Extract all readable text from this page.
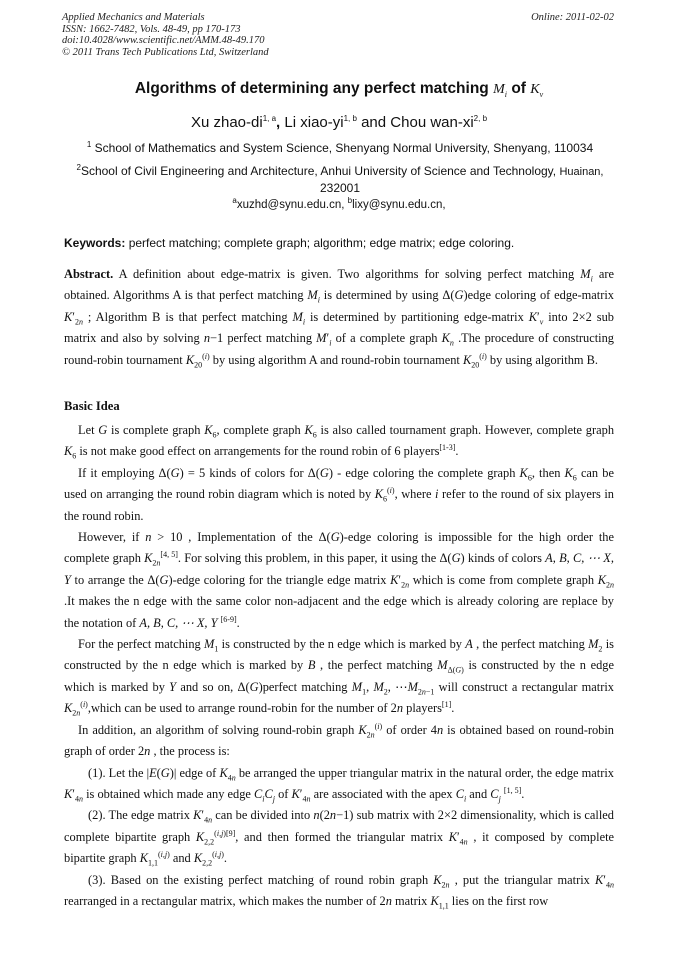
Applied Mechanics and Materials
ISSN: 1662-7482, Vols. 48-49, pp 170-173
doi:10.4028/www.scientific.net/AMM.48-49.170
© 2011 Trans Tech Publications Ltd, Switzerland
Online: 2011-02-02
Algorithms of determining any perfect matching $M_i$ of $K_v$
Xu zhao-di$^{1, a}$, Li xiao-yi$^{1, b}$ and Chou wan-xi$^{2, b}$
$^1$ School of Mathematics and System Science, Shenyang Normal University, Shenyang, 110034
$^2$School of Civil Engineering and Architecture, Anhui University of Science and Technology, Huainan,
232001
$^a$xuzhd@synu.edu.cn, $^b$lixy@synu.edu.cn,
Keywords: perfect matching; complete graph; algorithm; edge matrix; edge coloring.

Abstract. A definition about edge-matrix is given. Two algorithms for solving perfect matching $M_i$ are obtained. Algorithms A is that perfect matching $M_i$ is determined by using Δ(G)edge coloring of edge-matrix $K'_{2n}$ ; Algorithm B is that perfect matching $M_i$ is determined by partitioning edge-matrix $K'_v$ into 2×2 sub matrix and also by solving n−1 perfect matching $M'_i$ of a complete graph $K_n$ .The procedure of constructing round-robin tournament $K_{20}^{(i)}$ by using algorithm A and round-robin tournament $K_{20}^{(i)}$ by using algorithm B.

Basic Idea

Let G is complete graph $K_6$, complete graph $K_6$ is also called tournament graph. However, complete graph $K_6$ is not make good effect on arrangements for the round robin of 6 players[1-3].

If it employing Δ(G) = 5 kinds of colors for Δ(G) - edge coloring the complete graph $K_6$, then $K_6$ can be used on arranging the round robin diagram which is noted by $K_6^{(i)}$, where i refer to the round of six players in the round robin.

However, if n > 10 , Implementation of the Δ(G)-edge coloring is impossible for the high order the complete graph $K_{2n}[4, 5]$. For solving this problem, in this paper, it using the Δ(G) kinds of colors A, B, C, ⋯ X, Y to arrange the Δ(G)-edge coloring for the triangle edge matrix $K'_{2n}$ which is come from complete graph $K_{2n}$ .It makes the n edge with the same color non-adjacent and the edge which is already coloring are replace by the notation of A, B, C, ⋯ X, Y [6-9].

For the perfect matching $M_1$ is constructed by the n edge which is marked by A , the perfect matching $M_2$ is constructed by the n edge which is marked by B , the perfect matching $M_{\Delta(G)}$ is constructed by the n edge which is marked by Y and so on, Δ(G)perfect matching $M_1$, $M_2$, $\cdots M_{2n-1}$ will construct a rectangular matrix $K_{2n}^{(i)},which$ can be used to arrange round-robin for the number of 2n players[1].

In addition, an algorithm of solving round-robin graph $K_{2n}^{(i)}$ of order 4n is obtained based on round-robin graph of order 2n , the process is:

(1). Let the |E(G)| edge of $K_{4n}$ be arranged the upper triangular matrix in the natural order, the edge matrix $K'_{4n}$ is obtained which made any edge $C_iC_j$ of $K'_{4n}$ are associated with the apex $C_i$ and $C_j$ [1, 5].

(2). The edge matrix $K'_{4n}$ can be divided into n(2n−1) sub matrix with 2×2 dimensionality, which is called complete bipartite graph $K_{2,2}^{(i,j)[9]}$, and then formed the triangular matrix $K'_{4n}$ , it composed by complete bipartite graph $K_{1,1}^{(i,j)}$ and $K_{2,2}^{(i,j)}$.

(3). Based on the existing perfect matching of round robin graph $K_{2n}$ , put the triangular matrix $K'_{4n}$ rearranged in a rectangular matrix, which makes the number of 2n matrix $K_{1,1}$ lies on the first row
